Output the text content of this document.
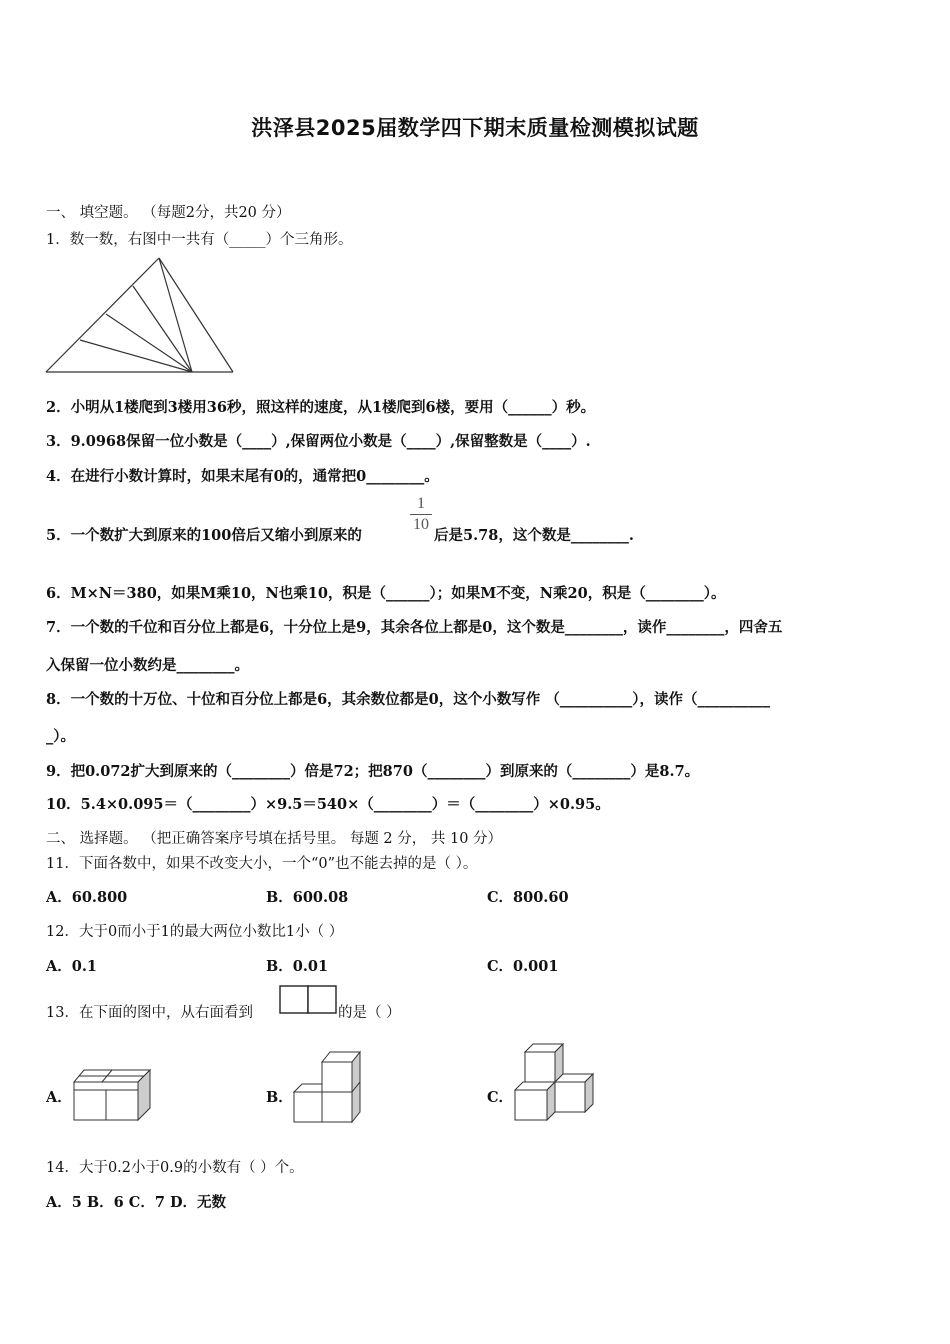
洪泽县2025届数学四下期末质量检测模拟试题
一、 填空题。 （每题2分，共20 分）
1．数一数，右图中一共有（_____）个三角形。
2．小明从1楼爬到3楼用36秒，照这样的速度，从1楼爬到6楼，要用（______）秒。
3．9.0968保留一位小数是（____）,保留两位小数是（____）,保留整数是（____）.
4．在进行小数计算时，如果末尾有0的，通常把0________。
5．一个数扩大到原来的100倍后又缩小到原来的
1
10
后是5.78，这个数是________.
6．M×N＝380，如果M乘10，N也乘10，积是（______）；如果M不变，N乘20，积是（________）。
7．一个数的千位和百分位上都是6，十分位上是9，其余各位上都是0，这个数是________，读作________，四舍五
入保留一位小数约是________。
8．一个数的十万位、十位和百分位上都是6，其余数位都是0，这个小数写作 （__________），读作（__________
_）。
9．把0.072扩大到原来的（________）倍是72；把870（________）到原来的（________）是8.7。
10．5.4×0.095＝（________）×9.5＝540×（________）＝（________）×0.95。
二、 选择题。 （把正确答案序号填在括号里。 每题 2 分， 共 10 分）
11．下面各数中，如果不改变大小，一个“0”也不能去掉的是（ ）。
A．60.800	B．600.08	C．800.60
12．大于0而小于1的最大两位小数比1小（ ）
A．0.1	B．0.01	C．0.001
13．在下面的图中，从右面看到	的是（ ）
A．	B．	C．
14．大于0.2小于0.9的小数有（ ）个。
A．5 B．6 C．7 D．无数
